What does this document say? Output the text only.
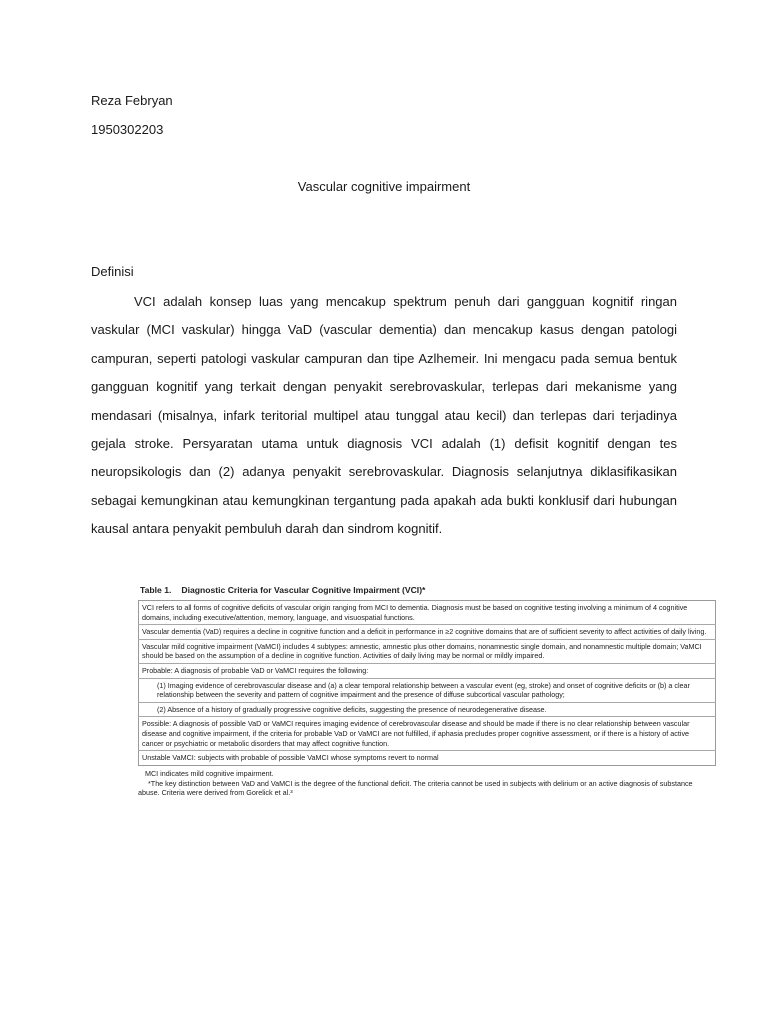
Reza Febryan
1950302203
Vascular cognitive impairment
Definisi

VCI adalah konsep luas yang mencakup spektrum penuh dari gangguan kognitif ringan vaskular (MCI vaskular) hingga VaD (vascular dementia) dan mencakup kasus dengan patologi campuran, seperti patologi vaskular campuran dan tipe Azlhemeir. Ini mengacu pada semua bentuk gangguan kognitif yang terkait dengan penyakit serebrovaskular, terlepas dari mekanisme yang mendasari (misalnya, infark teritorial multipel atau tunggal atau kecil) dan terlepas dari terjadinya gejala stroke. Persyaratan utama untuk diagnosis VCI adalah (1) defisit kognitif dengan tes neuropsikologis dan (2) adanya penyakit serebrovaskular. Diagnosis selanjutnya diklasifikasikan sebagai kemungkinan atau kemungkinan tergantung pada apakah ada bukti konklusif dari hubungan kausal antara penyakit pembuluh darah dan sindrom kognitif.

Table 1. Diagnostic Criteria for Vascular Cognitive Impairment (VCI)*
VCI refers to all forms of cognitive deficits of vascular origin ranging from MCI to dementia. Diagnosis must be based on cognitive testing involving a minimum of 4 cognitive domains, including executive/attention, memory, language, and visuospatial functions.
Vascular dementia (VaD) requires a decline in cognitive function and a deficit in performance in ≥2 cognitive domains that are of sufficient severity to affect activities of daily living.
Vascular mild cognitive impairment (VaMCI) includes 4 subtypes: amnestic, amnestic plus other domains, nonamnestic single domain, and nonamnestic multiple domain; VaMCI should be based on the assumption of a decline in cognitive function. Activities of daily living may be normal or mildly impaired.
Probable: A diagnosis of probable VaD or VaMCI requires the following:
(1) Imaging evidence of cerebrovascular disease and (a) a clear temporal relationship between a vascular event (eg, stroke) and onset of cognitive deficits or (b) a clear relationship between the severity and pattern of cognitive impairment and the presence of diffuse subcortical vascular pathology;
(2) Absence of a history of gradually progressive cognitive deficits, suggesting the presence of neurodegenerative disease.
Possible: A diagnosis of possible VaD or VaMCI requires imaging evidence of cerebrovascular disease and should be made if there is no clear relationship between vascular disease and cognitive impairment, if the criteria for probable VaD or VaMCI are not fulfilled, if aphasia precludes proper cognitive assessment, or if there is a history of active cancer or psychiatric or metabolic disorders that may affect cognitive function.
Unstable VaMCI: subjects with probable of possible VaMCI whose symptoms revert to normal

MCI indicates mild cognitive impairment.

*The key distinction between VaD and VaMCI is the degree of the functional deficit. The criteria cannot be used in subjects with delirium or an active diagnosis of substance abuse. Criteria were derived from Gorelick et al.³
